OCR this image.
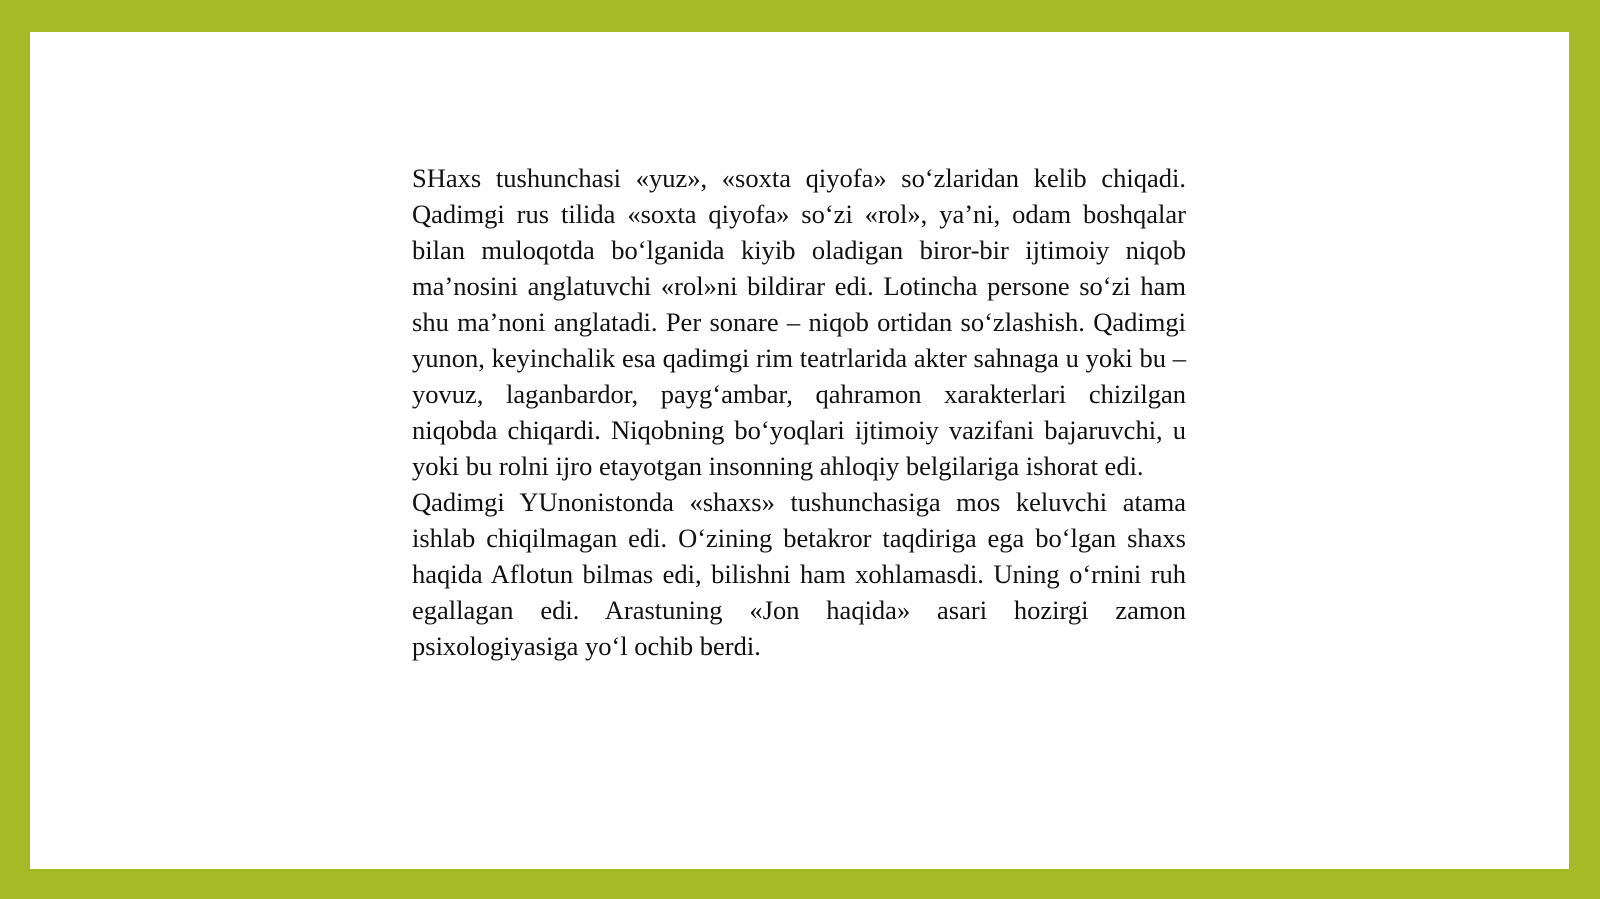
SHaxs tushunchasi «yuz», «soxta qiyofa» so‘zlaridan kelib chiqadi. Qadimgi rus tilida «soxta qiyofa» so‘zi «rol», ya’ni, odam boshqalar bilan muloqotda bo‘lganida kiyib oladigan biror-bir ijtimoiy niqob ma’nosini anglatuvchi «rol»ni bildirar edi. Lotincha persone so‘zi ham shu ma’noni anglatadi. Per sonare – niqob ortidan so‘zlashish. Qadimgi yunon, keyinchalik esa qadimgi rim teatrlarida akter sahnaga u yoki bu – yovuz, laganbardor, payg‘ambar, qahramon xarakterlari chizilgan niqobda chiqardi. Niqobning bo‘yoqlari ijtimoiy vazifani bajaruvchi, u yoki bu rolni ijro etayotgan insonning ahloqiy belgilariga ishorat edi.

Qadimgi YUnonistonda «shaxs» tushunchasiga mos keluvchi atama ishlab chiqilmagan edi. O‘zining betakror taqdiriga ega bo‘lgan shaxs haqida Aflotun bilmas edi, bilishni ham xohlamasdi. Uning o‘rnini ruh egallagan edi. Arastuning «Jon haqida» asari hozirgi zamon psixologiyasiga yo‘l ochib berdi.
